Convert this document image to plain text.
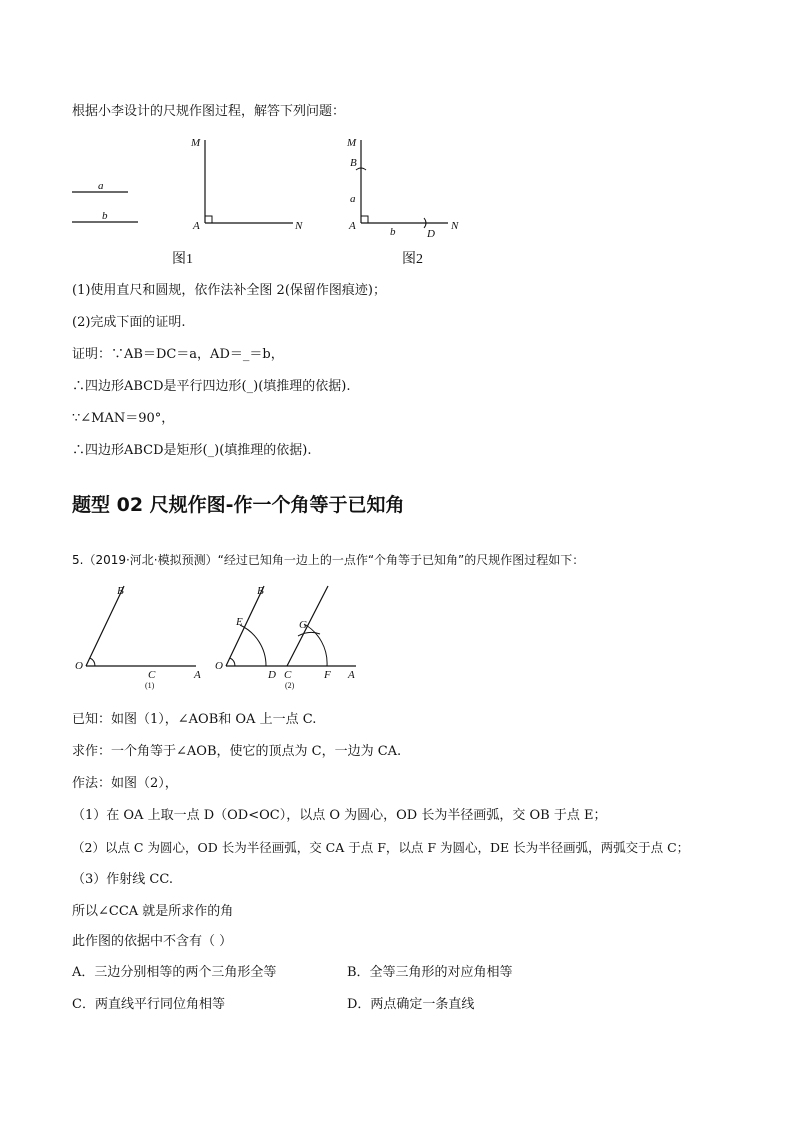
根据小李设计的尺规作图过程，解答下列问题：
a
b
M
A	N
图1
M
B
a
A	b	D
N
图2
(1)使用直尺和圆规，依作法补全图 2(保留作图痕迹)；
(2)完成下面的证明.
证明：∵AB＝DC＝a，AD＝_＝b，
∴四边形ABCD是平行四边形(_)(填推理的依据).
∵∠MAN＝90°，
∴四边形ABCD是矩形(_)(填推理的依据).
题型 02 尺规作图-作一个角等于已知角
5.（2019·河北·模拟预测）“经过已知角一边上的一点作“个角等于已知角”的尺规作图过程如下：
B
O
C	A
(1)
B
E	G
O
D C	F A
(2)
已知：如图（1），∠AOB和 OA 上一点 C.
求作：一个角等于∠AOB，使它的顶点为 C，一边为 CA.
作法：如图（2），
（1）在 OA 上取一点 D（OD<OC），以点 O 为圆心，OD 长为半径画弧，交 OB 于点 E；
（2）以点 C 为圆心，OD 长为半径画弧，交 CA 于点 F，以点 F 为圆心，DE 长为半径画弧，两弧交于点 C；
（3）作射线 CC.
所以∠CCA 就是所求作的角
此作图的依据中不含有（ ）
A．三边分别相等的两个三角形全等	B．全等三角形的对应角相等
C．两直线平行同位角相等	D．两点确定一条直线
